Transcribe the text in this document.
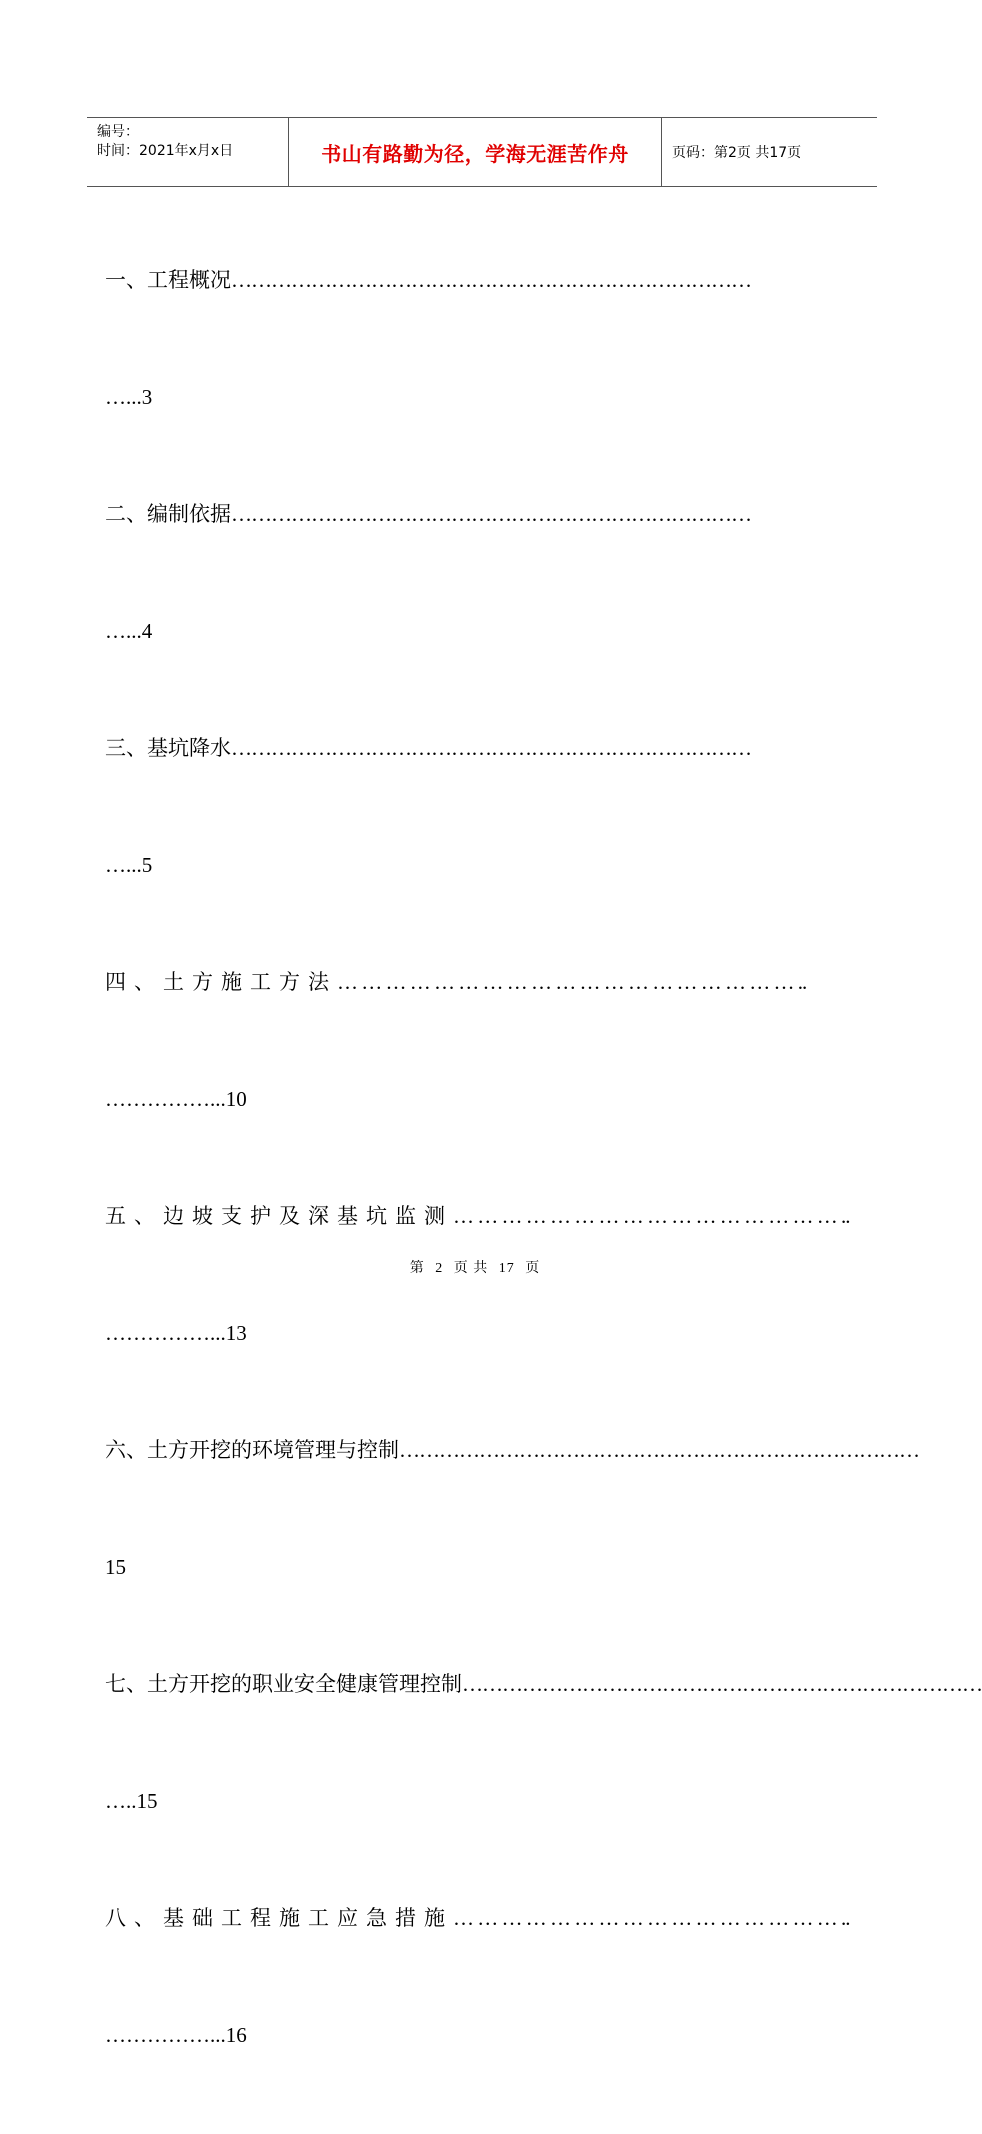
编号：
时间：2021年x月x日	书山有路勤为径，学海无涯苦作舟	页码：第2页 共17页
一、工程概况 ……………………………………………………………………
…...3
二、编制依据 ……………………………………………………………………
…...4
三、基坑降水 ……………………………………………………………………
…...5
四、土方施工方法 … … … … … … … … … … … … … … … … … … … ..
……………...10
五、边坡支护及深基坑监测 … … … … … … … … … … … … … … … … ..
……………...13
六、土方开挖的环境管理与控制 ……………………………………………………………………
15
七、土方开挖的职业安全健康管理控制 ……………………………………………………………………
…..15
八、基础工程施工应急措施 … … … … … … … … … … … … … … … … ..
……………...16
第 2 页 共 17 页
